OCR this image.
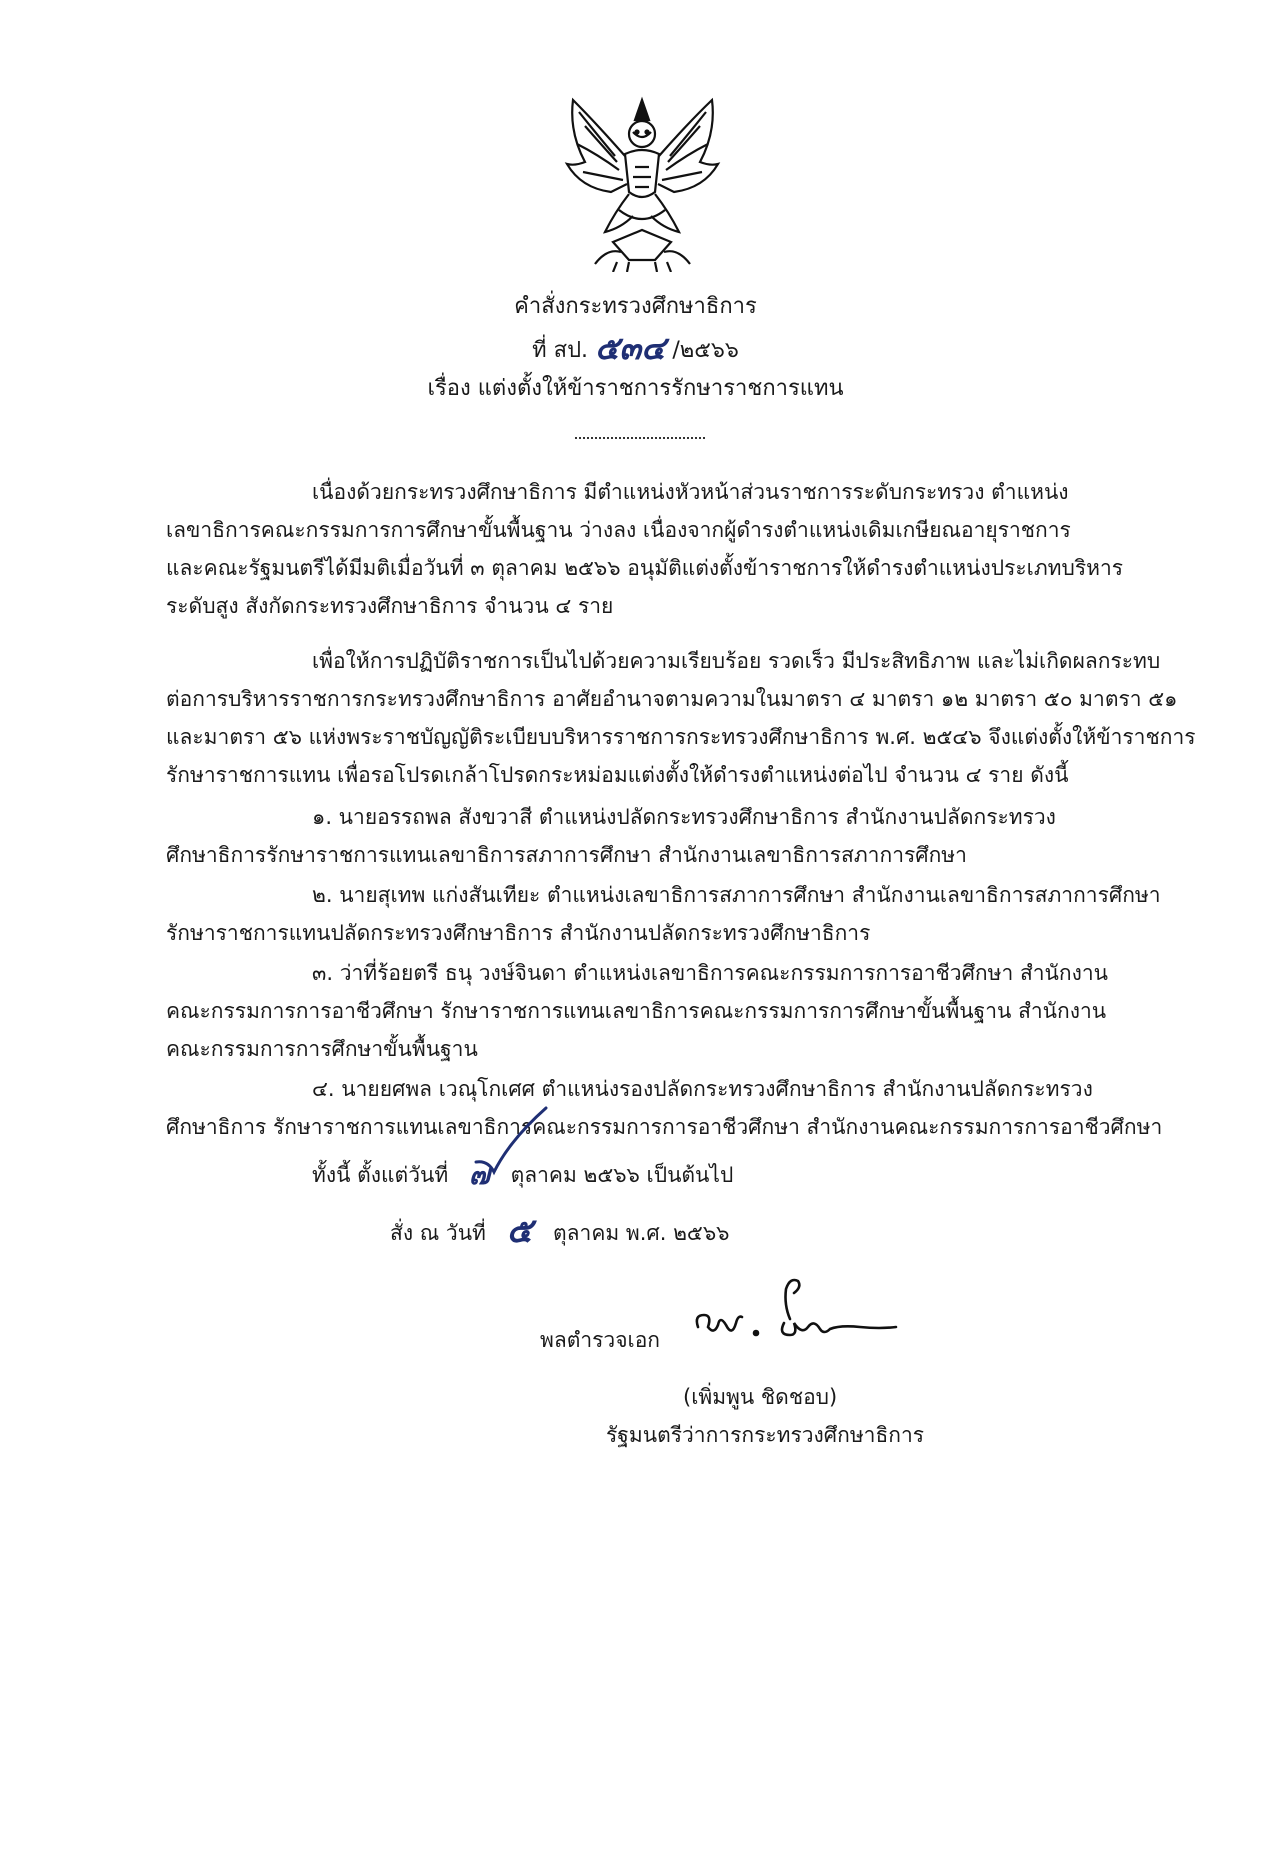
คำสั่งกระทรวงศึกษาธิการ
ที่ สป. ๕๓๔ /๒๕๖๖
เรื่อง แต่งตั้งให้ข้าราชการรักษาราชการแทน
เนื่องด้วยกระทรวงศึกษาธิการ มีตำแหน่งหัวหน้าส่วนราชการระดับกระทรวง ตำแหน่ง
เลขาธิการคณะกรรมการการศึกษาขั้นพื้นฐาน ว่างลง เนื่องจากผู้ดำรงตำแหน่งเดิมเกษียณอายุราชการ
และคณะรัฐมนตรีได้มีมติเมื่อวันที่ ๓ ตุลาคม ๒๕๖๖ อนุมัติแต่งตั้งข้าราชการให้ดำรงตำแหน่งประเภทบริหาร
ระดับสูง สังกัดกระทรวงศึกษาธิการ จำนวน ๔ ราย
เพื่อให้การปฏิบัติราชการเป็นไปด้วยความเรียบร้อย รวดเร็ว มีประสิทธิภาพ และไม่เกิดผลกระทบ
ต่อการบริหารราชการกระทรวงศึกษาธิการ อาศัยอำนาจตามความในมาตรา ๔ มาตรา ๑๒ มาตรา ๕๐ มาตรา ๕๑
และมาตรา ๕๖ แห่งพระราชบัญญัติระเบียบบริหารราชการกระทรวงศึกษาธิการ พ.ศ. ๒๕๔๖ จึงแต่งตั้งให้ข้าราชการ
รักษาราชการแทน เพื่อรอโปรดเกล้าโปรดกระหม่อมแต่งตั้งให้ดำรงตำแหน่งต่อไป จำนวน ๔ ราย ดังนี้
๑. นายอรรถพล สังขวาสี ตำแหน่งปลัดกระทรวงศึกษาธิการ สำนักงานปลัดกระทรวง
ศึกษาธิการรักษาราชการแทนเลขาธิการสภาการศึกษา สำนักงานเลขาธิการสภาการศึกษา
๒. นายสุเทพ แก่งสันเทียะ ตำแหน่งเลขาธิการสภาการศึกษา สำนักงานเลขาธิการสภาการศึกษา
รักษาราชการแทนปลัดกระทรวงศึกษาธิการ สำนักงานปลัดกระทรวงศึกษาธิการ
๓. ว่าที่ร้อยตรี ธนุ วงษ์จินดา ตำแหน่งเลขาธิการคณะกรรมการการอาชีวศึกษา สำนักงาน
คณะกรรมการการอาชีวศึกษา รักษาราชการแทนเลขาธิการคณะกรรมการการศึกษาขั้นพื้นฐาน สำนักงาน
คณะกรรมการการศึกษาขั้นพื้นฐาน
๔. นายยศพล เวณุโกเศศ ตำแหน่งรองปลัดกระทรวงศึกษาธิการ สำนักงานปลัดกระทรวง
ศึกษาธิการ รักษาราชการแทนเลขาธิการคณะกรรมการการอาชีวศึกษา สำนักงานคณะกรรมการการอาชีวศึกษา
ทั้งนี้ ตั้งแต่วันที่ ๗ ตุลาคม ๒๕๖๖ เป็นต้นไป
สั่ง ณ วันที่ ๕ ตุลาคม พ.ศ. ๒๕๖๖
พลตำรวจเอก
(เพิ่มพูน ชิดชอบ)
รัฐมนตรีว่าการกระทรวงศึกษาธิการ
